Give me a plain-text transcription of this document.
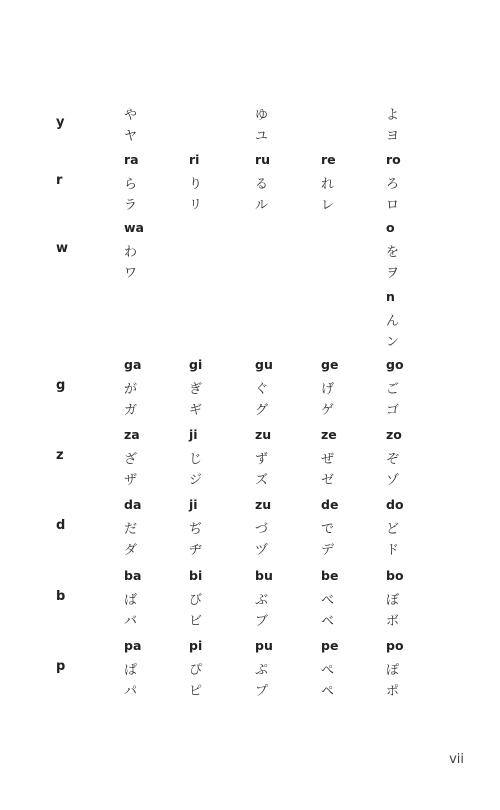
y	や
ヤ
ゆ
ユ
よ
ヨ
r
ra
ら
ラ
ri
り
リ
ru
る
ル
re
れ
レ
ro
ろ
ロ
w
wa
わ
ワ
o
を
ヲ
n
ん
ン
g
ga
が
ガ
gi
ぎ
ギ
gu
ぐ
グ
ge
げ
ゲ
go
ご
ゴ
z
za
ざ
ザ
ji
じ
ジ
zu
ず
ズ
ze
ぜ
ゼ
zo
ぞ
ゾ
d
da
だ
ダ
ji
ぢ
ヂ
zu
づ
ヅ
de
で
デ
do
ど
ド
b
ba
ば
バ
bi
び
ビ
bu
ぶ
ブ
be
べ
ベ
bo
ぼ
ボ
p
pa
ぱ
パ
pi
ぴ
ピ
pu
ぷ
プ
pe
ぺ
ペ
po
ぽ
ポ
vii
